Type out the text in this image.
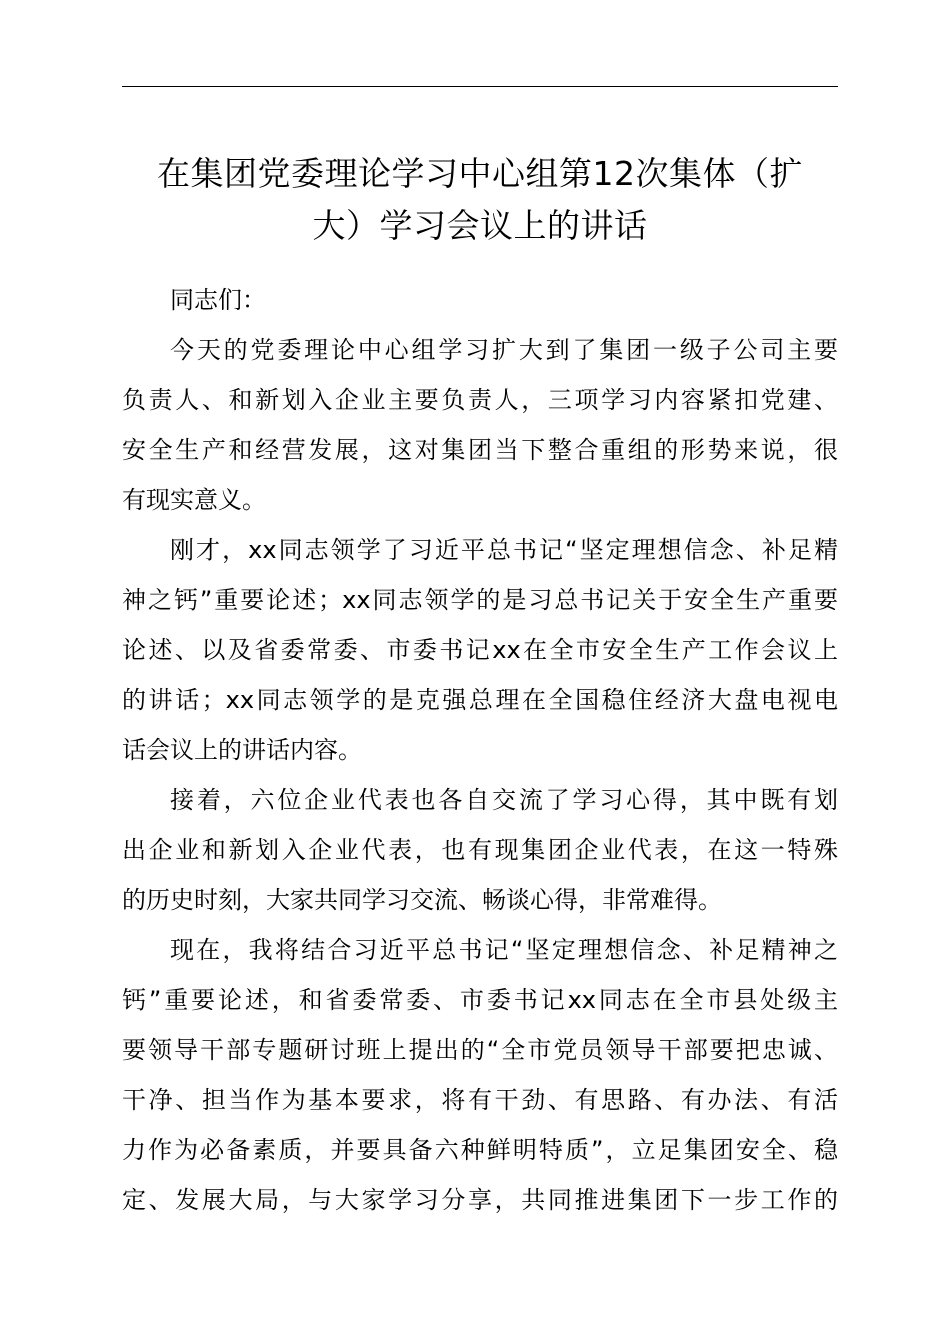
在集团党委理论学习中心组第12次集体（扩
大）学习会议上的讲话

同志们：

今天的党委理论中心组学习扩大到了集团一级子公司主要
负责人、和新划入企业主要负责人，三项学习内容紧扣党建、
安全生产和经营发展，这对集团当下整合重组的形势来说，很
有现实意义。

刚才，xx同志领学了习近平总书记“坚定理想信念、补足精
神之钙”重要论述；xx同志领学的是习总书记关于安全生产重要
论述、以及省委常委、市委书记xx在全市安全生产工作会议上
的讲话；xx同志领学的是克强总理在全国稳住经济大盘电视电
话会议上的讲话内容。

接着，六位企业代表也各自交流了学习心得，其中既有划
出企业和新划入企业代表，也有现集团企业代表，在这一特殊
的历史时刻，大家共同学习交流、畅谈心得，非常难得。

现在，我将结合习近平总书记“坚定理想信念、补足精神之
钙”重要论述，和省委常委、市委书记xx同志在全市县处级主
要领导干部专题研讨班上提出的“全市党员领导干部要把忠诚、
干净、担当作为基本要求，将有干劲、有思路、有办法、有活
力作为必备素质，并要具备六种鲜明特质”，立足集团安全、稳
定、发展大局，与大家学习分享，共同推进集团下一步工作的
